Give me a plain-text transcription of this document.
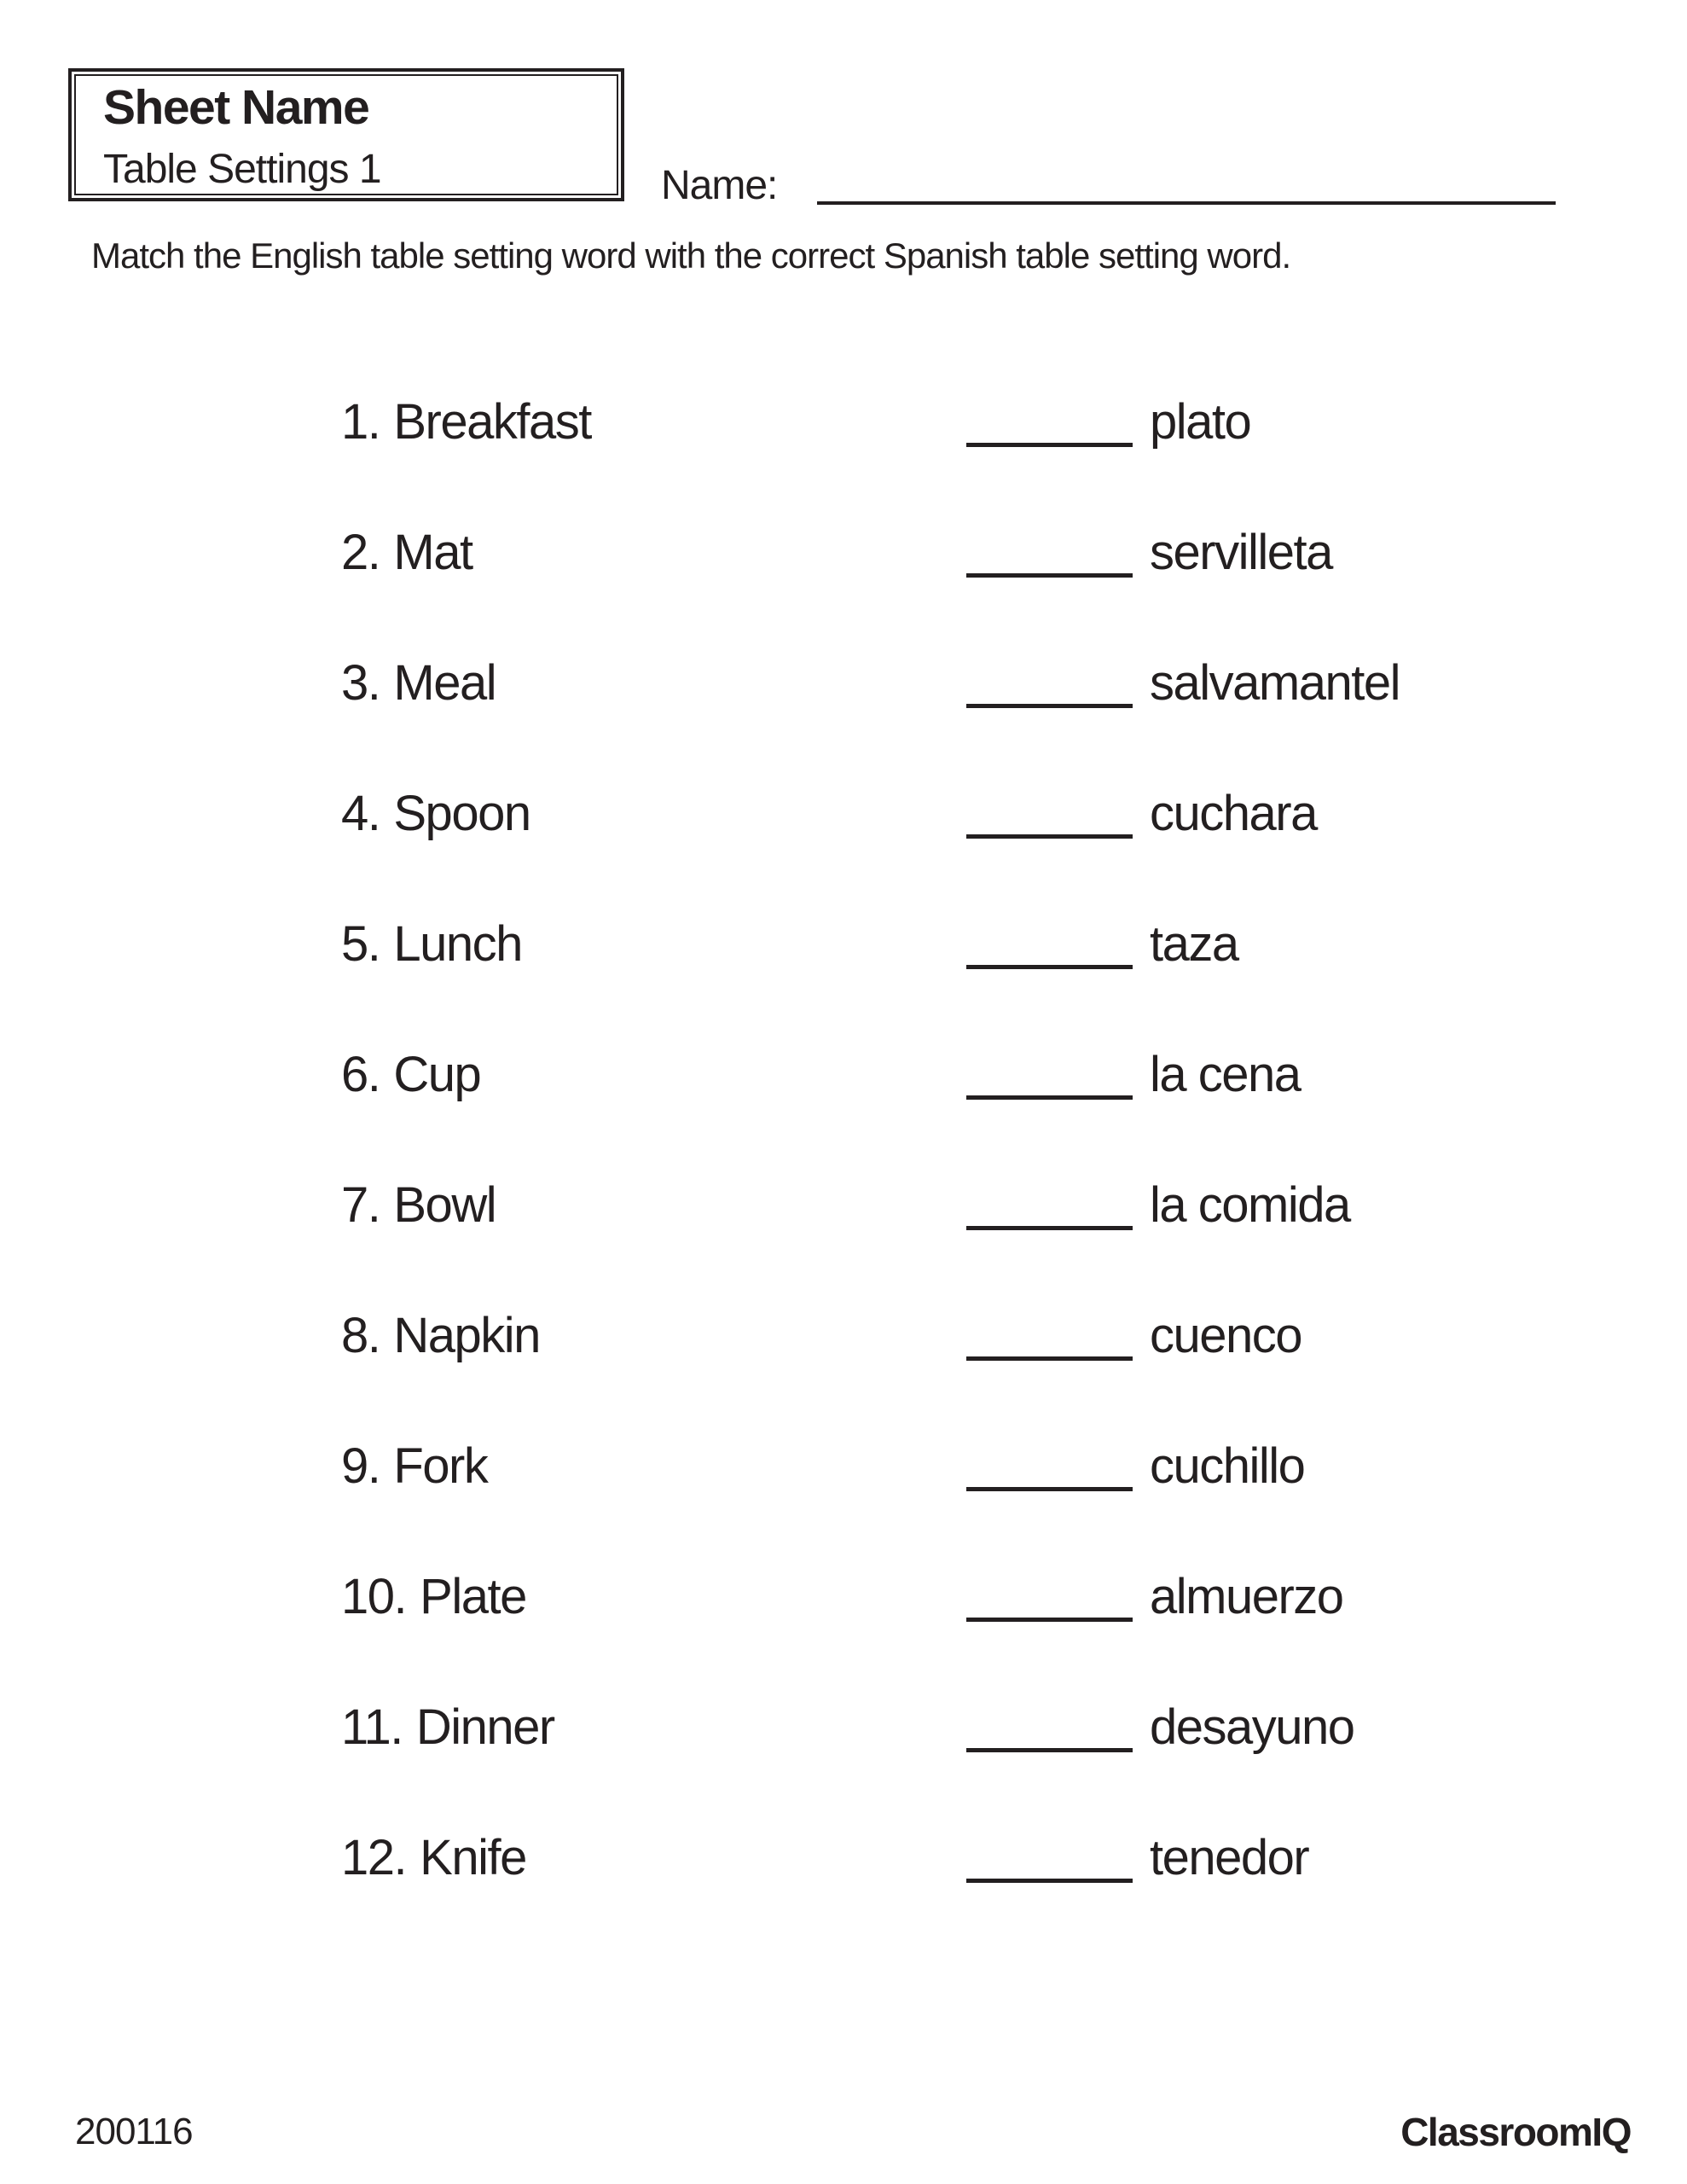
Sheet Name
Table Settings 1	Name:
Match the English table setting word with the correct Spanish table setting word.
1. Breakfast	plato
2. Mat	servilleta
3. Meal	salvamantel
4. Spoon	cuchara
5. Lunch	taza
6. Cup	la cena
7. Bowl	la comida
8. Napkin	cuenco
9. Fork	cuchillo
10. Plate	almuerzo
11. Dinner	desayuno
12. Knife	tenedor
200116	ClassroomIQ
